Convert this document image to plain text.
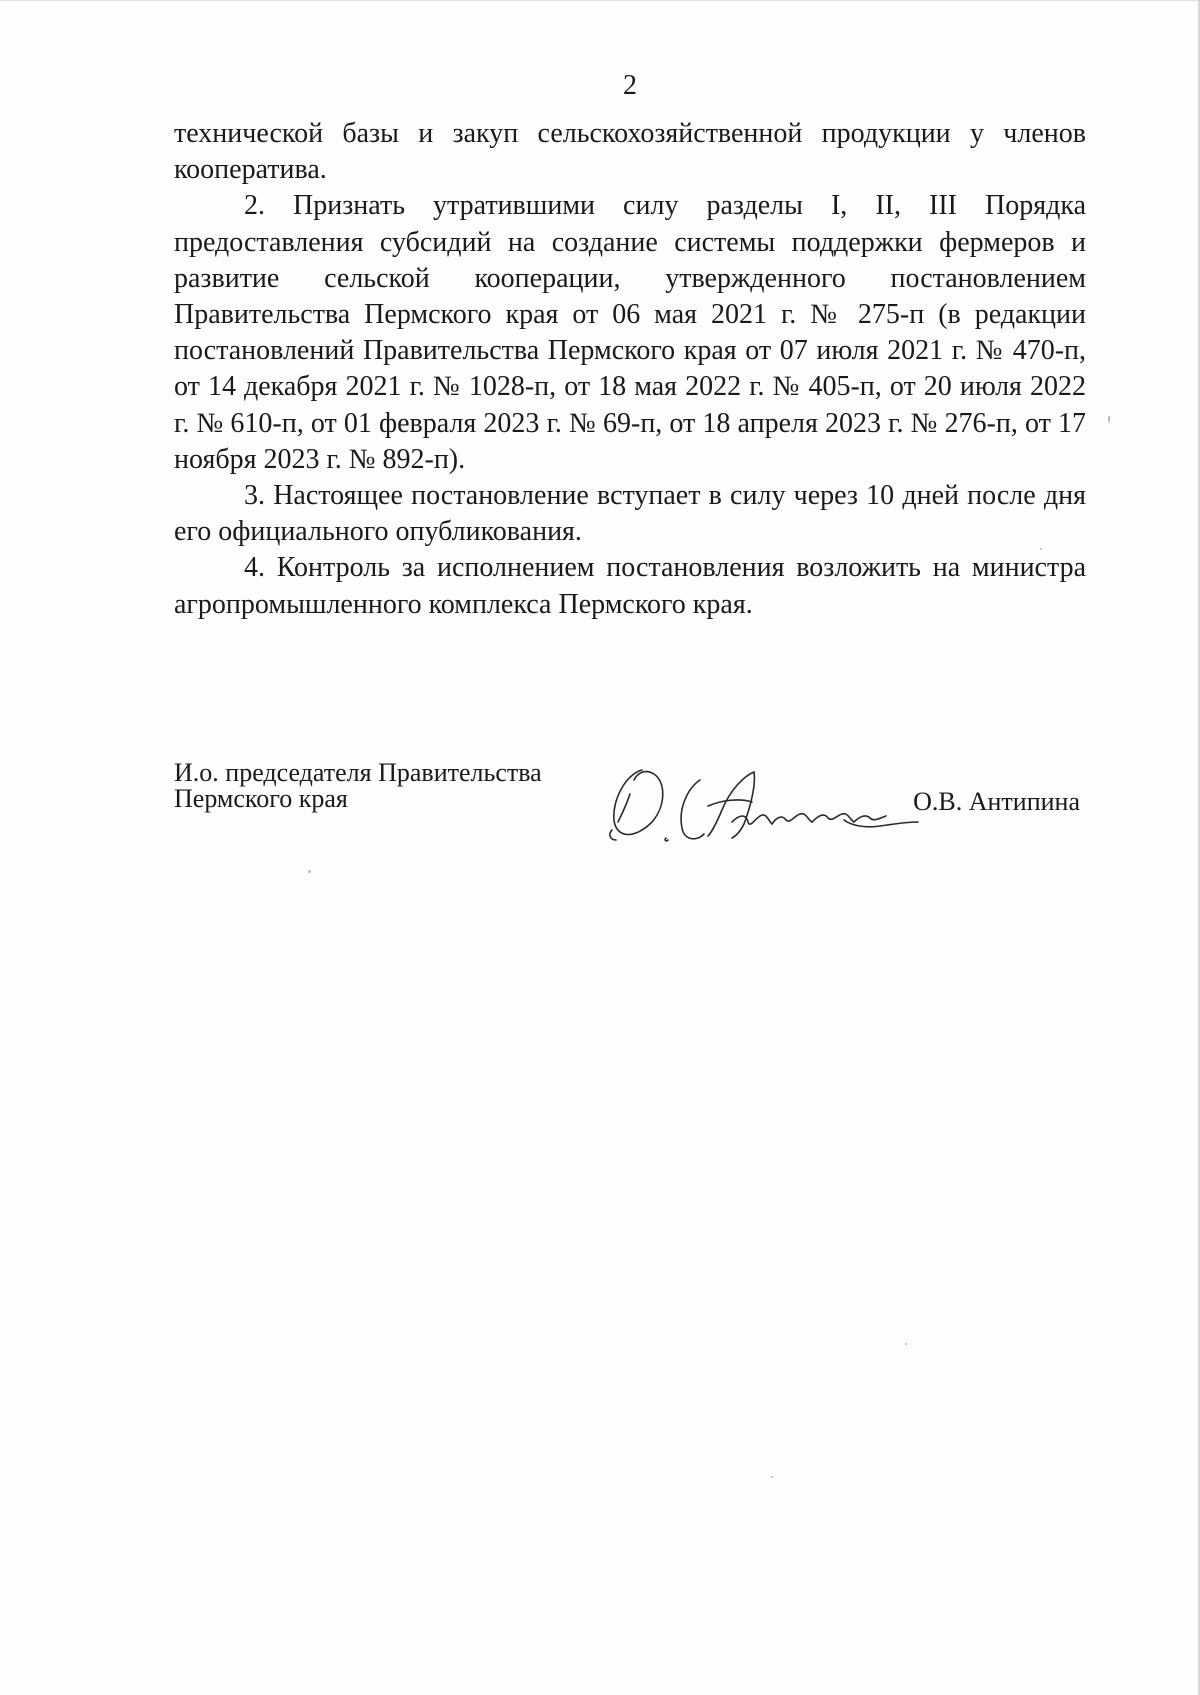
2

технической базы и закуп сельскохозяйственной продукции у членов кооператива.

2. Признать утратившими силу разделы I, II, III Порядка предоставления субсидий на создание системы поддержки фермеров и развитие сельской кооперации, утвержденного постановлением Правительства Пермского края от 06 мая 2021 г. № 275-п (в редакции постановлений Правительства Пермского края от 07 июля 2021 г. № 470-п, от 14 декабря 2021 г. № 1028-п, от 18 мая 2022 г. № 405-п, от 20 июля 2022 г. № 610-п, от 01 февраля 2023 г. № 69-п, от 18 апреля 2023 г. № 276-п, от 17 ноября 2023 г. № 892-п).

3. Настоящее постановление вступает в силу через 10 дней после дня его официального опубликования.

4. Контроль за исполнением постановления возложить на министра агропромышленного комплекса Пермского края.

И.о. председателя Правительства
Пермского края	О.В. Антипина
